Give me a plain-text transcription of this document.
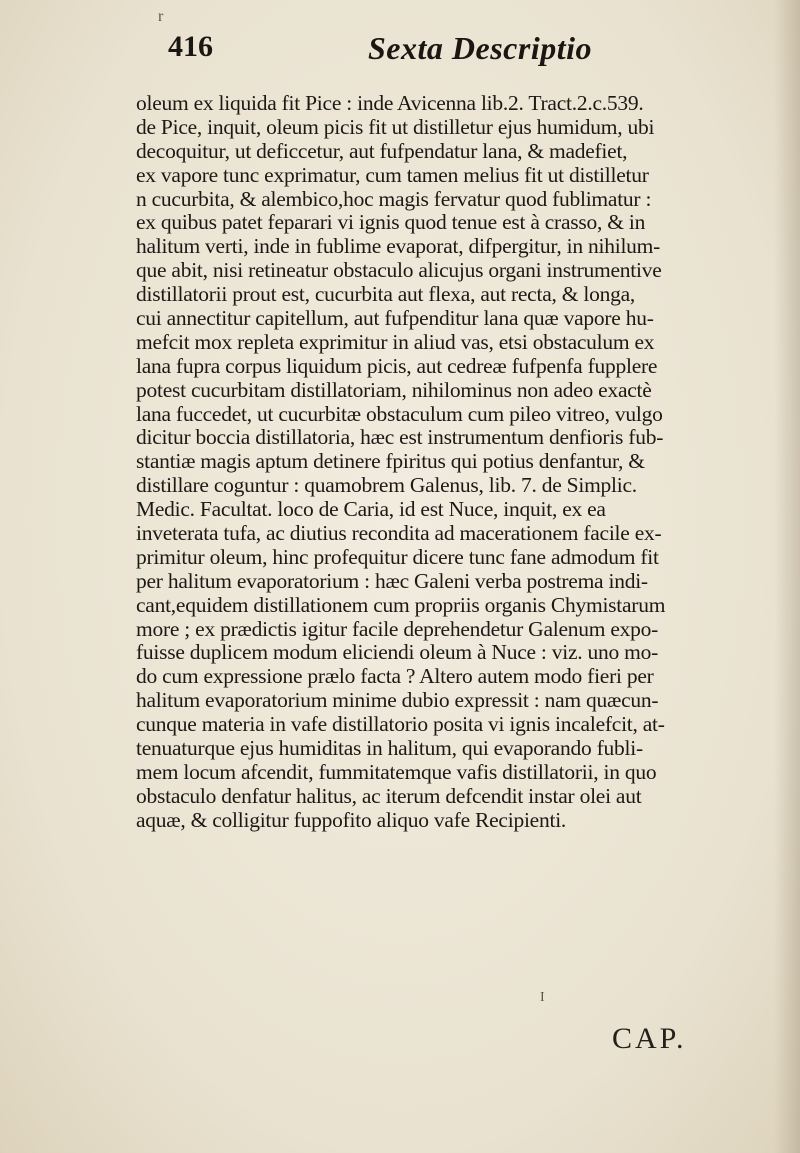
r
I
416	Sexta Descriptio
oleum ex liquida fit Pice : inde Avicenna lib.2. Tract.2.c.539.
de Pice, inquit, oleum picis fit ut distilletur ejus humidum, ubi
decoquitur, ut deficcetur, aut fufpendatur lana, & madefiet,
ex vapore tunc exprimatur, cum tamen melius fit ut distilletur
n cucurbita, & alembico,hoc magis fervatur quod fublimatur :
ex quibus patet feparari vi ignis quod tenue est à crasso, & in
halitum verti, inde in fublime evaporat, difpergitur, in nihilum-
que abit, nisi retineatur obstaculo alicujus organi instrumentive
distillatorii prout est, cucurbita aut flexa, aut recta, & longa,
cui annectitur capitellum, aut fufpenditur lana quæ vapore hu-
mefcit mox repleta exprimitur in aliud vas, etsi obstaculum ex
lana fupra corpus liquidum picis, aut cedreæ fufpenfa fupplere
potest cucurbitam distillatoriam, nihilominus non adeo exactè
lana fuccedet, ut cucurbitæ obstaculum cum pileo vitreo, vulgo
dicitur boccia distillatoria, hæc est instrumentum denfioris fub-
stantiæ magis aptum detinere fpiritus qui potius denfantur, &
distillare coguntur : quamobrem Galenus, lib. 7. de Simplic.
Medic. Facultat. loco de Caria, id est Nuce, inquit, ex ea
inveterata tufa, ac diutius recondita ad macerationem facile ex-
primitur oleum, hinc profequitur dicere tunc fane admodum fit
per halitum evaporatorium : hæc Galeni verba postrema indi-
cant,equidem distillationem cum propriis organis Chymistarum
more ; ex prædictis igitur facile deprehendetur Galenum expo-
fuisse duplicem modum eliciendi oleum à Nuce : viz. uno mo-
do cum expressione prælo facta ? Altero autem modo fieri per
halitum evaporatorium minime dubio expressit : nam quæcun-
cunque materia in vafe distillatorio posita vi ignis incalefcit, at-
tenuaturque ejus humiditas in halitum, qui evaporando fubli-
mem locum afcendit, fummitatemque vafis distillatorii, in quo
obstaculo denfatur halitus, ac iterum defcendit instar olei aut
aquæ, & colligitur fuppofito aliquo vafe Recipienti.
CAP.
